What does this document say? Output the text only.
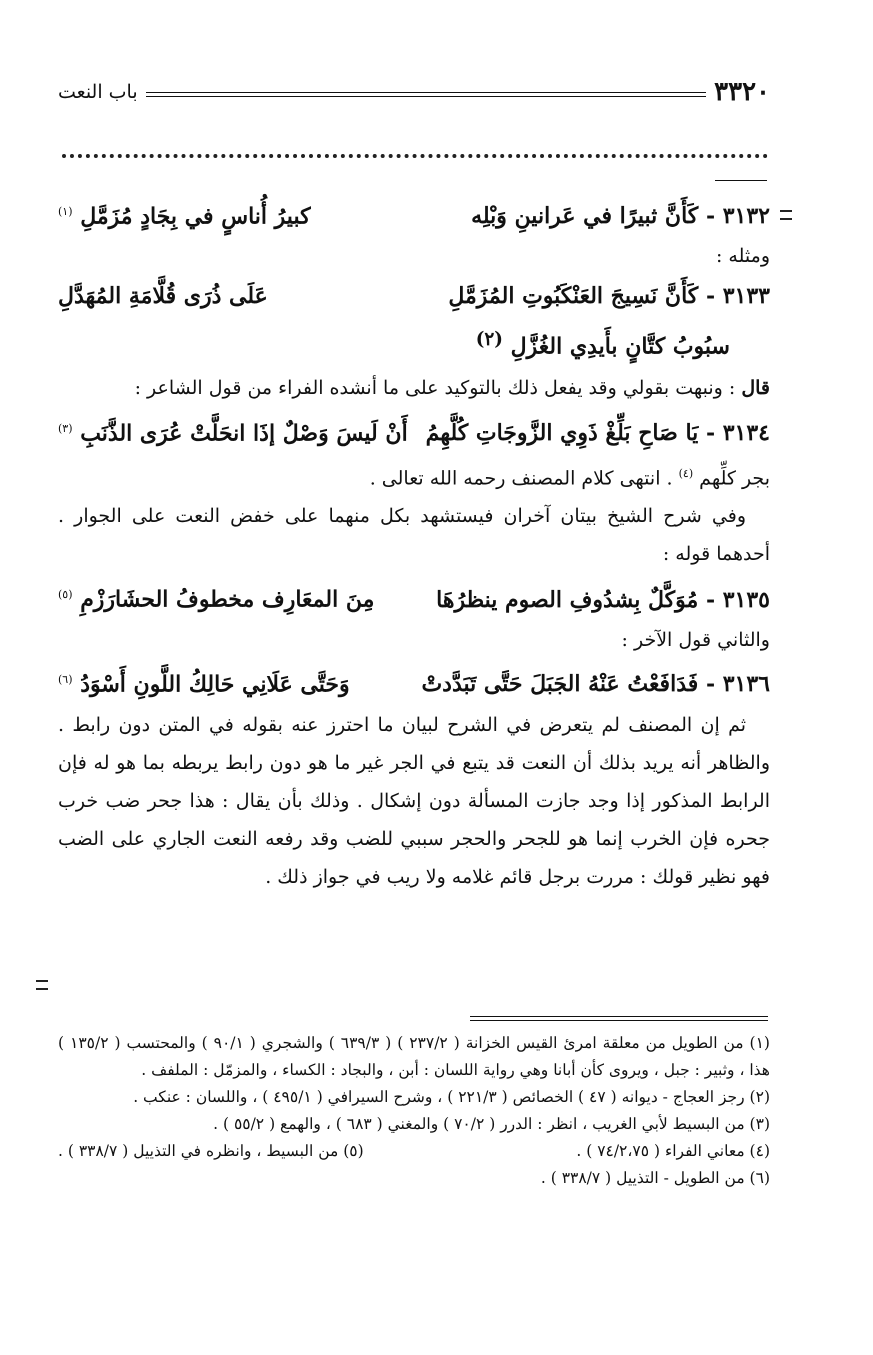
باب النعت	٣٣٢٠
٣١٣٢ - كَأَنَّ ثبيرًا في عَرانينِ وَبْلِه
كبيرُ أُناسٍ في بِجَادٍ مُزَمَّلِ $^{(١)}$
ومثله :
٣١٣٣ - كَأَنَّ نَسِيجَ العَنْكَبُوتِ المُزَمَّلِ
عَلَى ذُرَى قُلَّامَةِ المُهَدَّلِ
سبُوبُ كتَّانٍ بأَيدِي الغُزَّلِ $^{(٢)}$
قال : ونبهت بقولي وقد يفعل ذلك بالتوكيد على ما أنشده الفراء من قول الشاعر :
٣١٣٤ - يَا صَاحِ بَلِّغْ ذَوِي الزَّوجَاتِ كُلَّهِمُ
أَنْ لَيسَ وَصْلٌ إذَا انحَلَّتْ عُرَى الذَّنَبِ $^{(٣)}$
بجر كلِّهم $^{(٤)}$ . انتهى كلام المصنف رحمه الله تعالى .
وفي شرح الشيخ بيتان آخران فيستشهد بكل منهما على خفض النعت على الجوار . أحدهما قوله :
٣١٣٥ - مُوَكَّلٌ بِشدُوفِ الصوم ينظرُهَا
مِنَ المعَارِف مخطوفُ الحشَارَزْمِ $^{(٥)}$
والثاني قول الآخر :
٣١٣٦ - فَدَافَعْتُ عَنْهُ الجَبَلَ حَتَّى تَبَدَّدتْ
وَحَتَّى عَلَانِي حَالِكُ اللَّونِ أَسْوَدُ $^{(٦)}$
ثم إن المصنف لم يتعرض في الشرح لبيان ما احترز عنه بقوله في المتن دون رابط . والظاهر أنه يريد بذلك أن النعت قد يتبع في الجر غير ما هو دون رابط يربطه بما هو له فإن الرابط المذكور إذا وجد جازت المسألة دون إشكال . وذلك بأن يقال : هذا جحر ضب خرب جحره فإن الخرب إنما هو للجحر والحجر سببي للضب وقد رفعه النعت الجاري على الضب فهو نظير قولك : مررت برجل قائم غلامه ولا ريب في جواز ذلك .
(١) من الطويل من معلقة امرئ القيس الخزانة ( ٢٣٧/٢ ) ( ٦٣٩/٣ ) والشجري ( ٩٠/١ ) والمحتسب ( ١٣٥/٢ ) هذا ، وثبير : جبل ، ويروى كأن أبانا وهي رواية اللسان : أبن ، والبجاد : الكساء ، والمزمّل : الملفف .
(٢) رجز العجاج - ديوانه ( ٤٧ ) الخصائص ( ٢٢١/٣ ) ، وشرح السيرافي ( ٤٩٥/١ ) ، واللسان : عنكب .
(٣) من البسيط لأبي الغريب ، انظر : الدرر ( ٧٠/٢ ) والمغني ( ٦٨٣ ) ، والهمع ( ٥٥/٢ ) .
(٤) معاني الفراء ( ٧٤/٢،٧٥ ) .
(٥) من البسيط ، وانظره في التذييل ( ٣٣٨/٧ ) .
(٦) من الطويل - التذييل ( ٣٣٨/٧ ) .
